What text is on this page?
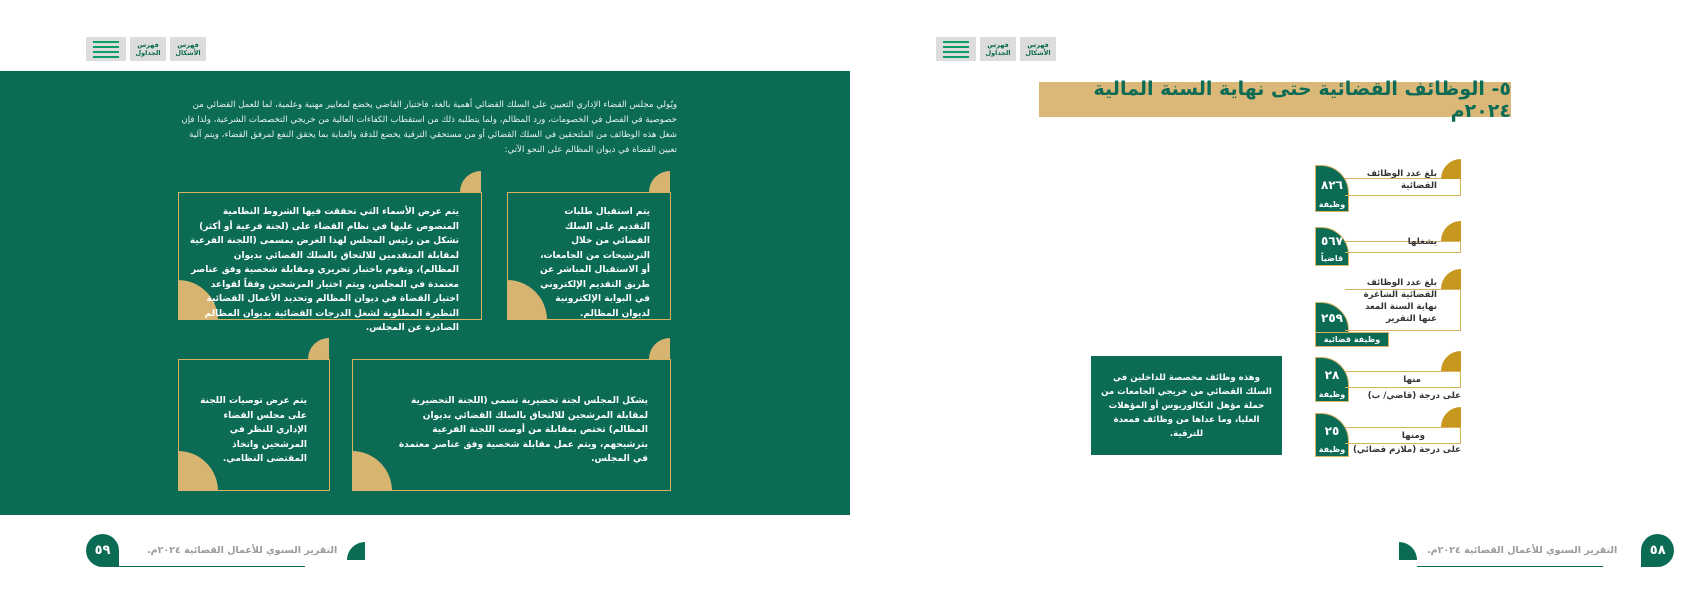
فهرس الجداول
فهرس الأشكال
فهرس الجداول
فهرس الأشكال

ويُولي مجلس القضاء الإداري التعيين على السلك القضائي أهمية بالغة، فاختيار القاضي يخضع لمعايير مهنية وعلمية، لما للعمل القضائي من خصوصية في الفصل في الخصومات، ورد المظالم، ولما يتطلبه ذلك من استقطاب الكفاءات العالية من خريجي التخصصات الشرعية، ولذا فإن شغل هذه الوظائف من الملتحقين في السلك القضائي أو من مستحقي الترقية يخضع للدقة والعناية بما يحقق النفع لمرفق القضاء، ويتم آلية تعيين القضاة في ديوان المظالم على النحو الآتي:

يتم استقبال طلبات التقديم على السلك القضائي من خلال الترشيحات من الجامعات، أو الاستقبال المباشر عن طريق التقديم الإلكتروني في البوابة الإلكترونية لديوان المظالم.

يتم عرض الأسماء التي تحققت فيها الشروط النظامية المنصوص عليها في نظام القضاء على (لجنة فرعية أو أكثر) تشكل من رئيس المجلس لهذا الغرض بمسمى (اللجنة الفرعية لمقابلة المتقدمين للالتحاق بالسلك القضائي بديوان المظالم)، وتقوم باختبار تحريري ومقابلة شخصية وفق عناصر معتمدة في المجلس، ويتم اختيار المرشحين وفقاً لقواعد اختيار القضاة في ديوان المظالم وتحديد الأعمال القضائية النظيرة المطلوبة لشغل الدرجات القضائية بديوان المظالم الصادرة عن المجلس.

يشكل المجلس لجنة تحضيرية تسمى (اللجنة التحضيرية لمقابلة المرشحين للالتحاق بالسلك القضائي بديوان المظالم) تختص بمقابلة من أوصت اللجنة الفرعية بترشيحهم، ويتم عمل مقابلة شخصية وفق عناصر معتمدة في المجلس.

يتم عرض توصيات اللجنة على مجلس القضاء الإداري للنظر في المرشحين واتخاذ المقتضى النظامي.

٥٩	التقرير السنوي للأعمال القضائية ٢٠٢٤م.
٥- الوظائف القضائية حتى نهاية السنة المالية ٢٠٢٤م
٨٢٦
وظيفة
بلغ عدد الوظائف القضائية
٥٦٧
قاضياً
يشغلها
٢٥٩
وظيفة قضائية
بلغ عدد الوظائف القضائية الشاغرة نهاية السنة المعد عنها التقرير
٢٨
وظيفة
منها
على درجة (قاضي/ ب)
٢٥
وظيفة
ومنها
على درجة (ملازم قضائي)
وهذه وظائف مخصصة للداخلين في السلك القضائي من خريجي الجامعات من حملة مؤهل البكالوريوس أو المؤهلات العليا، وما عداها من وظائف فمعدة للترقية.
التقرير السنوي للأعمال القضائية ٢٠٢٤م.	٥٨
